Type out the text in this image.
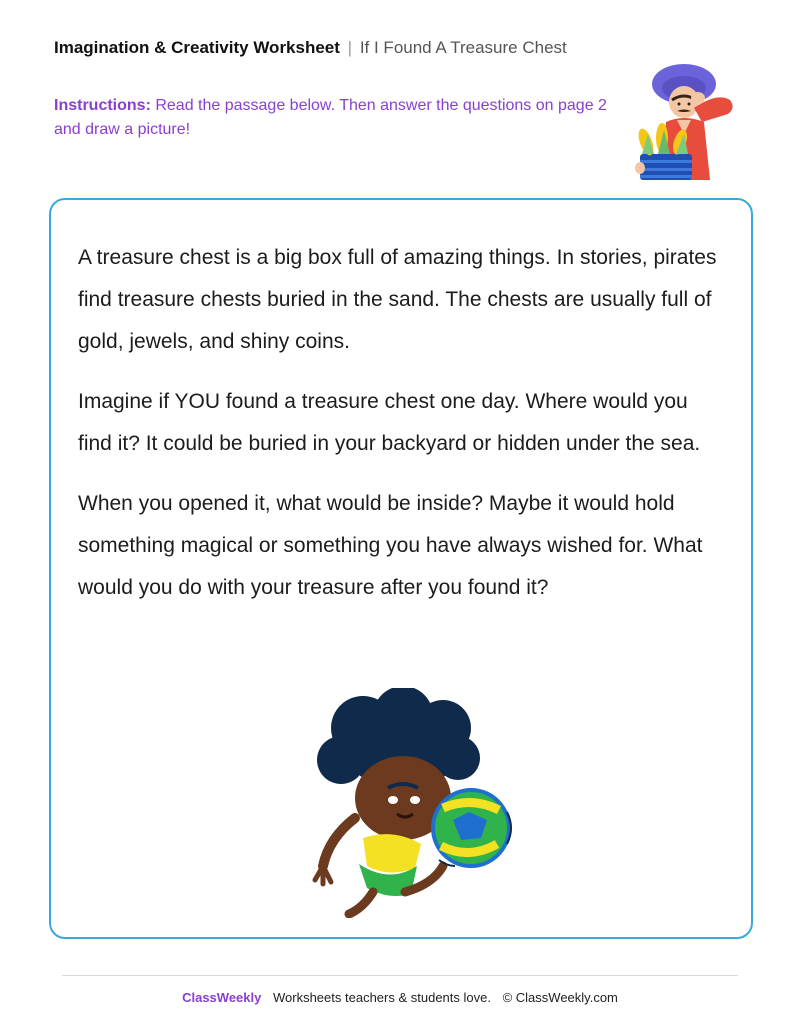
Imagination & Creativity Worksheet | If I Found A Treasure Chest
Instructions: Read the passage below. Then answer the questions on page 2 and draw a picture!

A treasure chest is a big box full of amazing things. In stories, pirates find treasure chests buried in the sand. The chests are usually full of gold, jewels, and shiny coins.

Imagine if YOU found a treasure chest one day. Where would you find it? It could be buried in your backyard or hidden under the sea.

When you opened it, what would be inside? Maybe it would hold something magical or something you have always wished for. What would you do with your treasure after you found it?

ClassWeekly Worksheets teachers & students love. © ClassWeekly.com
